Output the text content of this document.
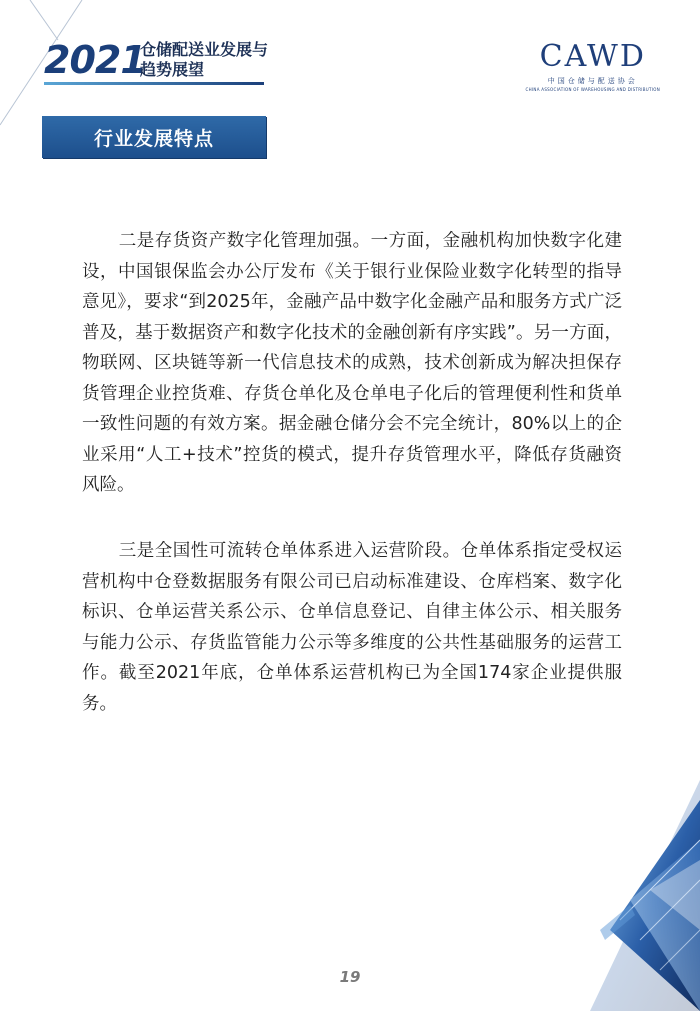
2021
仓储配送业发展与
趋势展望	CAWD
中国仓储与配送协会
CHINA ASSOCIATION OF WAREHOUSING AND DISTRIBUTION
行业发展特点

二是存货资产数字化管理加强。一方面，金融机构加快数字化建设，中国银保监会办公厅发布《关于银行业保险业数字化转型的指导意见》，要求“到2025年，金融产品中数字化金融产品和服务方式广泛普及，基于数据资产和数字化技术的金融创新有序实践”。另一方面，物联网、区块链等新一代信息技术的成熟，技术创新成为解决担保存货管理企业控货难、存货仓单化及仓单电子化后的管理便利性和货单一致性问题的有效方案。据金融仓储分会不完全统计，80%以上的企业采用“人工+技术”控货的模式，提升存货管理水平，降低存货融资风险。

三是全国性可流转仓单体系进入运营阶段。仓单体系指定受权运营机构中仓登数据服务有限公司已启动标准建设、仓库档案、数字化标识、仓单运营关系公示、仓单信息登记、自律主体公示、相关服务与能力公示、存货监管能力公示等多维度的公共性基础服务的运营工作。截至2021年底，仓单体系运营机构已为全国174家企业提供服务。

19
